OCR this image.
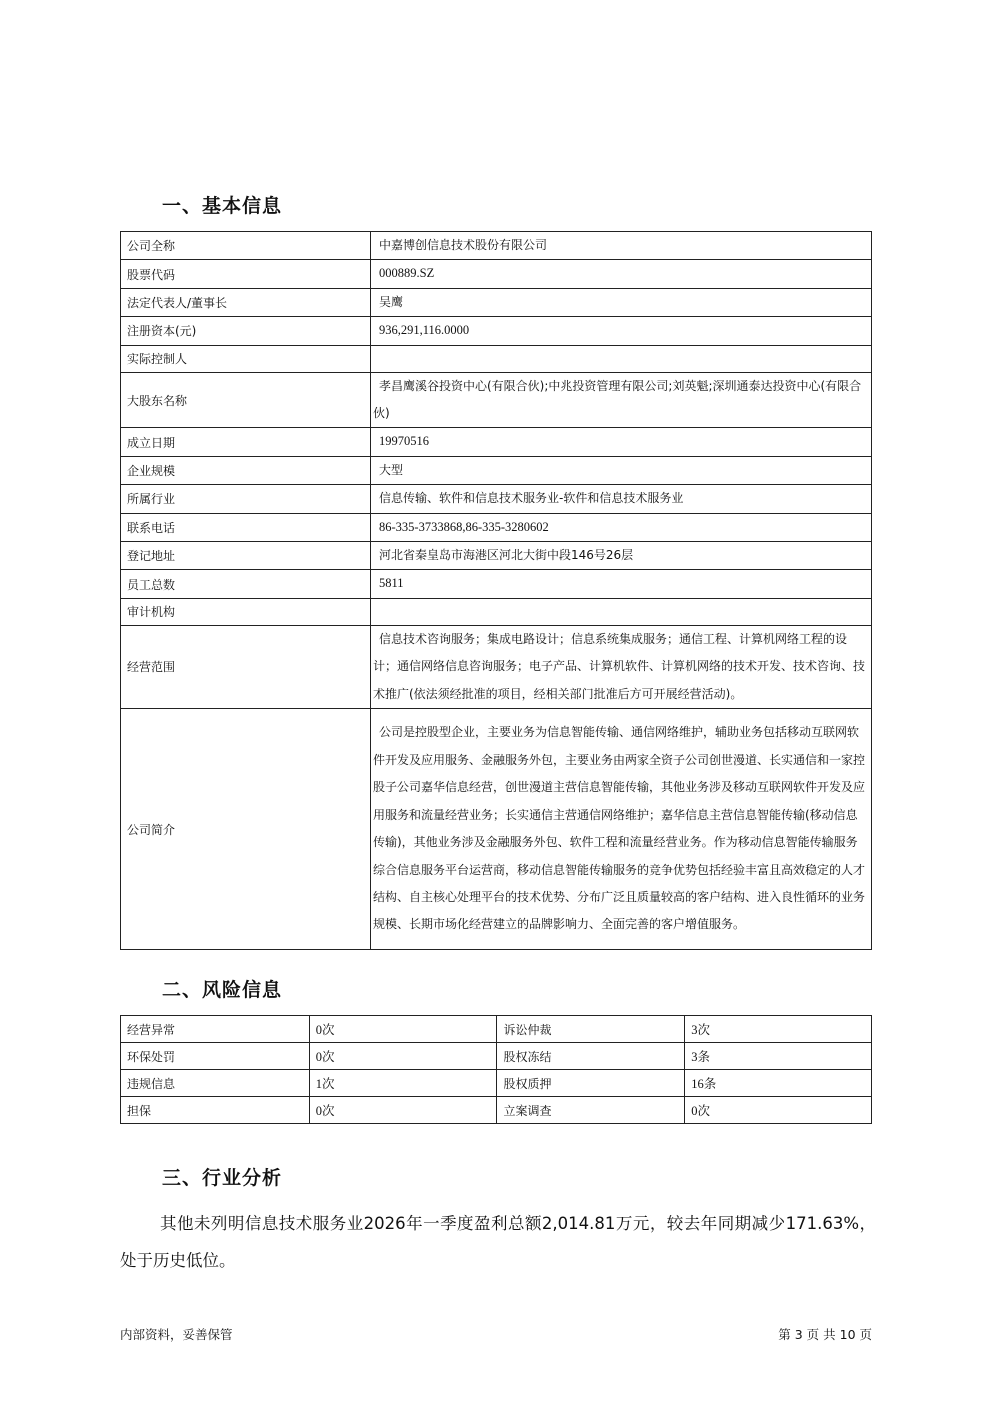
一、基本信息
公司全称	中嘉博创信息技术股份有限公司
股票代码	000889.SZ
法定代表人/董事长	吴鹰
注册资本(元)	936,291,116.0000
实际控制人	
大股东名称	孝昌鹰溪谷投资中心(有限合伙);中兆投资管理有限公司;刘英魁;深圳通泰达投资中心(有限合伙)
成立日期	19970516
企业规模	大型
所属行业	信息传输、软件和信息技术服务业-软件和信息技术服务业
联系电话	86-335-3733868,86-335-3280602
登记地址	河北省秦皇岛市海港区河北大街中段146号26层
员工总数	5811
审计机构	
经营范围	信息技术咨询服务；集成电路设计；信息系统集成服务；通信工程、计算机网络工程的设计；通信网络信息咨询服务；电子产品、计算机软件、计算机网络的技术开发、技术咨询、技术推广(依法须经批准的项目，经相关部门批准后方可开展经营活动)。
公司简介	公司是控股型企业，主要业务为信息智能传输、通信网络维护，辅助业务包括移动互联网软件开发及应用服务、金融服务外包，主要业务由两家全资子公司创世漫道、长实通信和一家控股子公司嘉华信息经营，创世漫道主营信息智能传输，其他业务涉及移动互联网软件开发及应用服务和流量经营业务；长实通信主营通信网络维护；嘉华信息主营信息智能传输(移动信息传输)，其他业务涉及金融服务外包、软件工程和流量经营业务。作为移动信息智能传输服务综合信息服务平台运营商，移动信息智能传输服务的竞争优势包括经验丰富且高效稳定的人才结构、自主核心处理平台的技术优势、分布广泛且质量较高的客户结构、进入良性循环的业务规模、长期市场化经营建立的品牌影响力、全面完善的客户增值服务。
二、风险信息
经营异常	0次	诉讼仲裁	3次
环保处罚	0次	股权冻结	3条
违规信息	1次	股权质押	16条
担保	0次	立案调查	0次
三、行业分析
其他未列明信息技术服务业2026年一季度盈利总额2,014.81万元，较去年同期减少171.63%，处于历史低位。
内部资料，妥善保管	第 3 页 共 10 页
